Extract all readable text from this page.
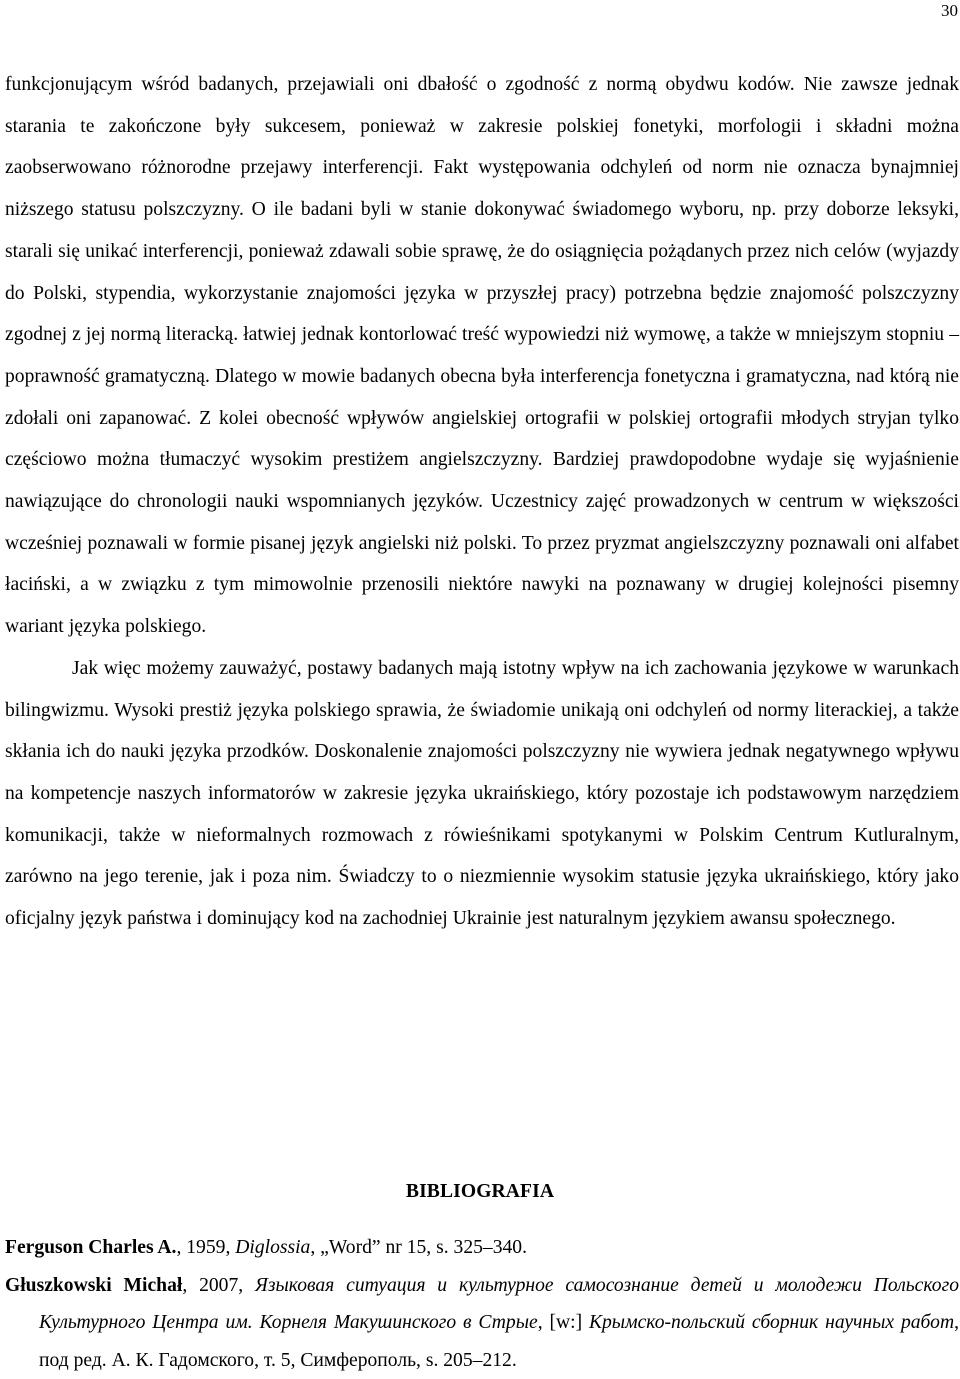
30

funkcjonującym wśród badanych, przejawiali oni dbałość o zgodność z normą obydwu kodów. Nie zawsze jednak starania te zakończone były sukcesem, ponieważ w zakresie polskiej fonetyki, morfologii i składni można zaobserwowano różnorodne przejawy interferencji. Fakt występowania odchyleń od norm nie oznacza bynajmniej niższego statusu polszczyzny. O ile badani byli w stanie dokonywać świadomego wyboru, np. przy doborze leksyki, starali się unikać interferencji, ponieważ zdawali sobie sprawę, że do osiągnięcia pożądanych przez nich celów (wyjazdy do Polski, stypendia, wykorzystanie znajomości języka w przyszłej pracy) potrzebna będzie znajomość polszczyzny zgodnej z jej normą literacką. łatwiej jednak kontorlować treść wypowiedzi niż wymowę, a także w mniejszym stopniu – poprawność gramatyczną. Dlatego w mowie badanych obecna była interferencja fonetyczna i gramatyczna, nad którą nie zdołali oni zapanować. Z kolei obecność wpływów angielskiej ortografii w polskiej ortografii młodych stryjan tylko częściowo można tłumaczyć wysokim prestiżem angielszczyzny. Bardziej prawdopodobne wydaje się wyjaśnienie nawiązujące do chronologii nauki wspomnianych języków. Uczestnicy zajęć prowadzonych w centrum w większości wcześniej poznawali w formie pisanej język angielski niż polski. To przez pryzmat angielszczyzny poznawali oni alfabet łaciński, a w związku z tym mimowolnie przenosili niektóre nawyki na poznawany w drugiej kolejności pisemny wariant języka polskiego.

Jak więc możemy zauważyć, postawy badanych mają istotny wpływ na ich zachowania językowe w warunkach bilingwizmu. Wysoki prestiż języka polskiego sprawia, że świadomie unikają oni odchyleń od normy literackiej, a także skłania ich do nauki języka przodków. Doskonalenie znajomości polszczyzny nie wywiera jednak negatywnego wpływu na kompetencje naszych informatorów w zakresie języka ukraińskiego, który pozostaje ich podstawowym narzędziem komunikacji, także w nieformalnych rozmowach z rówieśnikami spotykanymi w Polskim Centrum Kutluralnym, zarówno na jego terenie, jak i poza nim. Świadczy to o niezmiennie wysokim statusie języka ukraińskiego, który jako oficjalny język państwa i dominujący kod na zachodniej Ukrainie jest naturalnym językiem awansu społecznego.

BIBLIOGRAFIA

Ferguson Charles A., 1959, Diglossia, „Word” nr 15, s. 325–340.

Głuszkowski Michał, 2007, Языковая ситуация и культурное самосознание детей и молодежи Польского Культурного Центра им. Корнеля Макушинского в Стрые, [w:] Крымско-польский сборник научных работ, под ред. А. К. Гадомского, т. 5, Симферополь, s. 205–212.
